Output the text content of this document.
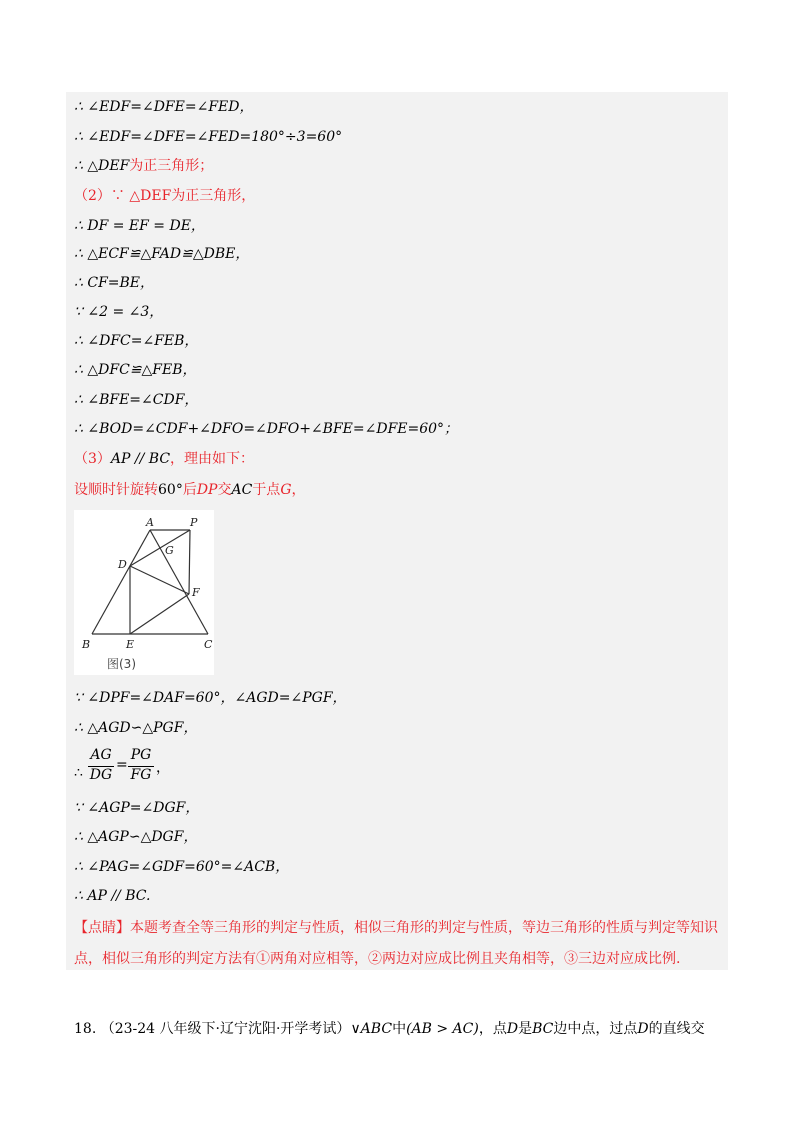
∴ ∠EDF=∠DFE=∠FED，
∴ ∠EDF=∠DFE=∠FED=180°÷3=60°
∴ △DEF为正三角形；
（2）∵ △DEF为正三角形，
∴ DF = EF = DE，
∴ △ECF≌△FAD≌△DBE，
∴ CF=BE，
∵ ∠2 = ∠3，
∴ ∠DFC=∠FEB，
∴ △DFC≌△FEB，
∴ ∠BFE=∠CDF，
∴ ∠BOD=∠CDF+∠DFO=∠DFO+∠BFE=∠DFE=60°；
（3）AP // BC，理由如下：
设顺时针旋转60°后DP交AC于点G，
A	P
G
D
F
B	E	C
图(3)
∵ ∠DPF=∠DAF=60°，∠AGD=∠PGF，
∴ △AGD∽△PGF，
∴
AG
DG
=
PG
FG ，
∵ ∠AGP=∠DGF，
∴ △AGP∽△DGF，
∴ ∠PAG=∠GDF=60°=∠ACB，
∴ AP // BC.
【点睛】本题考查全等三角形的判定与性质，相似三角形的判定与性质，等边三角形的性质与判定等知识
点，相似三角形的判定方法有①两角对应相等，②两边对应成比例且夹角相等，③三边对应成比例.
18. （23-24 八年级下·辽宁沈阳·开学考试）∨ABC中(AB > AC)，点D是BC边中点，过点D的直线交
